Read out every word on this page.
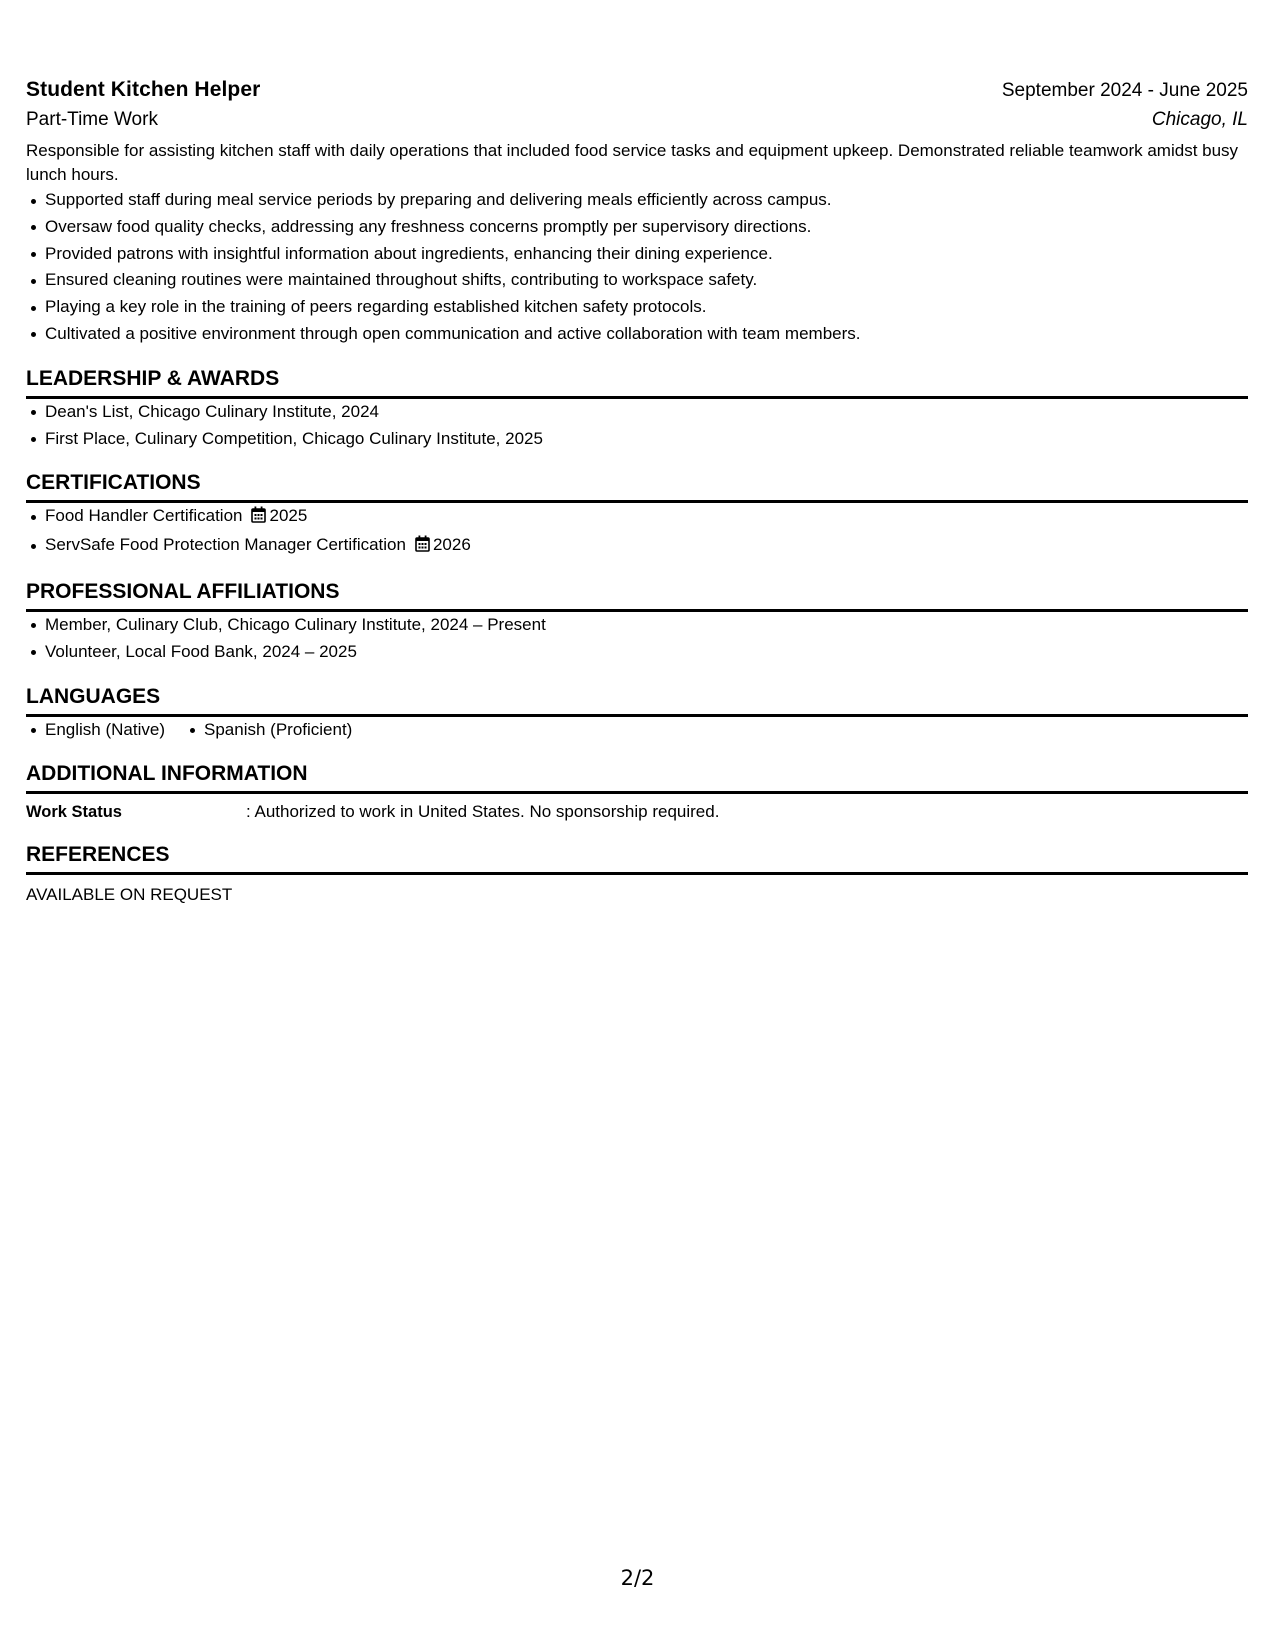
Student Kitchen Helper	September 2024 - June 2025
Part-Time Work	Chicago, IL
Responsible for assisting kitchen staff with daily operations that included food service tasks and equipment upkeep. Demonstrated reliable teamwork amidst busy lunch hours.
Supported staff during meal service periods by preparing and delivering meals efficiently across campus.
Oversaw food quality checks, addressing any freshness concerns promptly per supervisory directions.
Provided patrons with insightful information about ingredients, enhancing their dining experience.
Ensured cleaning routines were maintained throughout shifts, contributing to workspace safety.
Playing a key role in the training of peers regarding established kitchen safety protocols.
Cultivated a positive environment through open communication and active collaboration with team members.
LEADERSHIP & AWARDS
Dean's List, Chicago Culinary Institute, 2024
First Place, Culinary Competition, Chicago Culinary Institute, 2025
CERTIFICATIONS
Food Handler Certification 2025
ServSafe Food Protection Manager Certification 2026
PROFESSIONAL AFFILIATIONS
Member, Culinary Club, Chicago Culinary Institute, 2024 – Present
Volunteer, Local Food Bank, 2024 – 2025
LANGUAGES
English (Native)	Spanish (Proficient)
ADDITIONAL INFORMATION
Work Status	: Authorized to work in United States. No sponsorship required.
REFERENCES
AVAILABLE ON REQUEST
2/2
